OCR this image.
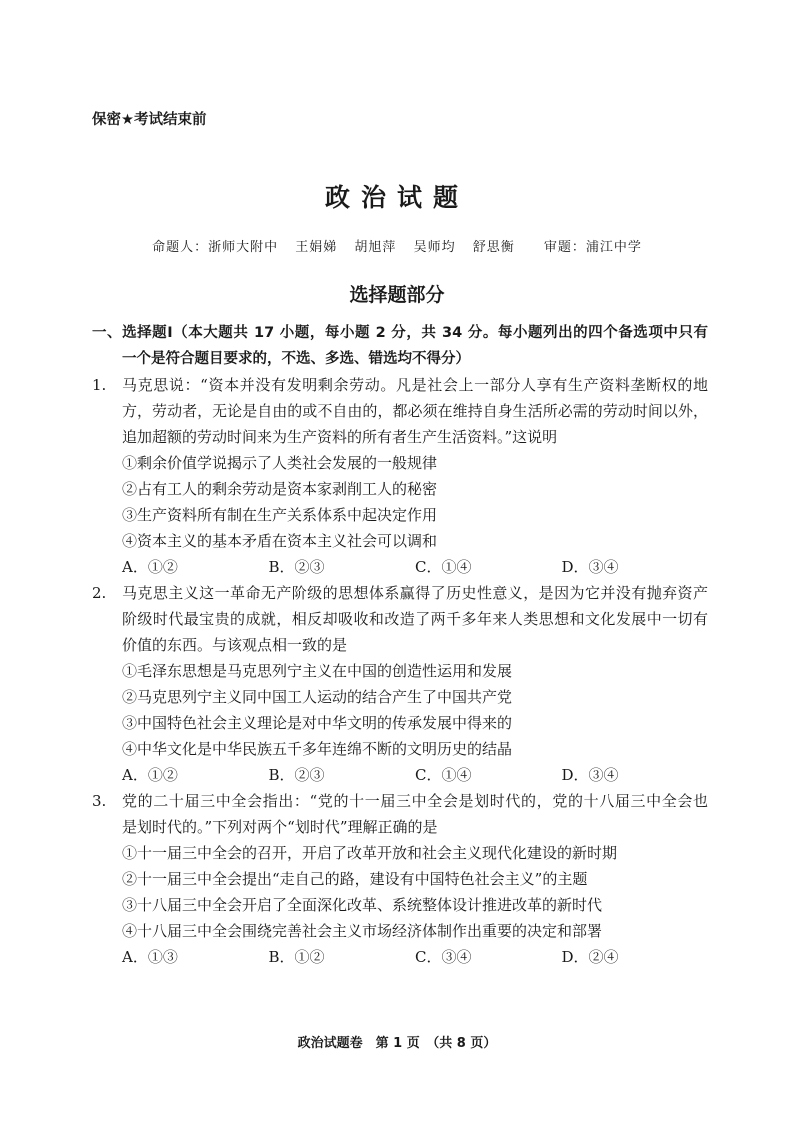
保密★考试结束前
政治试题
命题人：浙师大附中 王娟娣 胡旭萍 吴师均 舒思衡 审题：浦江中学
选择题部分
一、选择题Ⅰ（本大题共 17 小题，每小题 2 分，共 34 分。每小题列出的四个备选项中只有
一个是符合题目要求的，不选、多选、错选均不得分）
1.	马克思说：“资本并没有发明剩余劳动。凡是社会上一部分人享有生产资料垄断权的地
方，劳动者，无论是自由的或不自由的，都必须在维持自身生活所必需的劳动时间以外，
追加超额的劳动时间来为生产资料的所有者生产生活资料。”这说明
①剩余价值学说揭示了人类社会发展的一般规律
②占有工人的剩余劳动是资本家剥削工人的秘密
③生产资料所有制在生产关系体系中起决定作用
④资本主义的基本矛盾在资本主义社会可以调和
A．①②	B．②③	C．①④	D．③④
2.	马克思主义这一革命无产阶级的思想体系赢得了历史性意义，是因为它并没有抛弃资产
阶级时代最宝贵的成就，相反却吸收和改造了两千多年来人类思想和文化发展中一切有
价值的东西。与该观点相一致的是
①毛泽东思想是马克思列宁主义在中国的创造性运用和发展
②马克思列宁主义同中国工人运动的结合产生了中国共产党
③中国特色社会主义理论是对中华文明的传承发展中得来的
④中华文化是中华民族五千多年连绵不断的文明历史的结晶
A．①②	B．②③	C．①④	D．③④
3.	党的二十届三中全会指出：“党的十一届三中全会是划时代的，党的十八届三中全会也
是划时代的。”下列对两个“划时代”理解正确的是
①十一届三中全会的召开，开启了改革开放和社会主义现代化建设的新时期
②十一届三中全会提出“走自己的路，建设有中国特色社会主义”的主题
③十八届三中全会开启了全面深化改革、系统整体设计推进改革的新时代
④十八届三中全会围绕完善社会主义市场经济体制作出重要的决定和部署
A．①③	B．①②	C．③④	D．②④
政治试题卷　第 1 页　（共 8 页）
